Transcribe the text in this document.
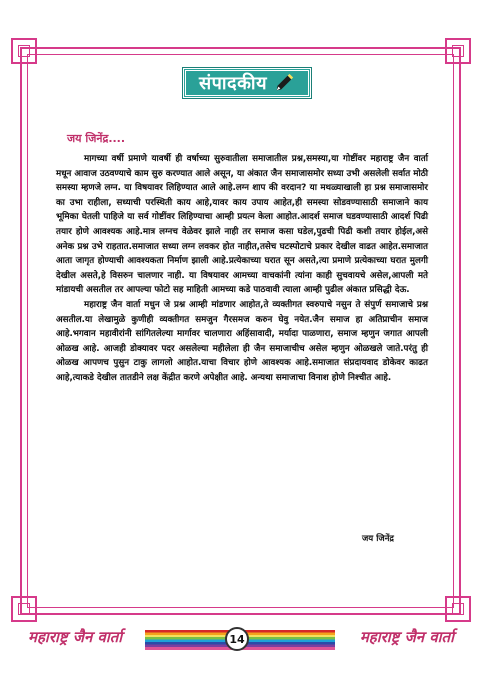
संपादकीय
जय जिनेंद्र....

मागच्या वर्षी प्रमाणे यावर्षी ही वर्षाच्या सुरुवातीला समाजातील प्रश्न,समस्या,या गोष्टींवर महाराष्ट्र जैन वार्ता मधून आवाज उठवण्याचे काम सुरु करण्यात आले असून, या अंकात जैन समाजासमोर सध्या उभी असलेली सर्वात मोठी समस्या म्हणजे लग्न. या विषयावर लिहिण्यात आले आहे.लग्न शाप की वरदान? या मथळ्याखाली हा प्रश्न समाजासमोर का उभा राहीला, सध्याची परस्थिती काय आहे,यावर काय उपाय आहेत,ही समस्या सोडवण्यासाठी समाजाने काय भूमिका घेतली पाहिजे या सर्व गोष्टींवर लिहिण्याचा आम्ही प्रयत्न केला आहोत.आदर्श समाज घडवण्यासाठी आदर्श पिढी तयार होणे आवश्यक आहे.मात्र लग्नच वेळेवर झाले नाही तर समाज कसा घडेल,पुढची पिढी कशी तयार होईल,असे अनेक प्रश्न उभे राहतात.समाजात सध्या लग्न लवकर होत नाहीत,तसेच घटस्पोटाचे प्रकार देखील वाढत आहेत.समाजात आता जागृत होण्याची आवश्यकता निर्माण झाली आहे.प्रत्येकाच्या घरात सून असते,त्या प्रमाणे प्रत्येकाच्या घरात मुलगी देखील असते,हे विसरुन चालणार नाही. या विषयावर आमच्या वाचकांनी त्यांना काही सुचवायचे असेल,आपली मते मांडायची असतील तर आपल्या फोटो सह माहिती आमच्या कडे पाठवावी त्याला आम्ही पुढील अंकात प्रसिद्धी देऊ.

महाराष्ट्र जैन वार्ता मधुन जे प्रश्न आम्ही मांडणार आहोत,ते व्यक्तीगत स्वरुपाचे नसुन ते संपुर्ण समाजाचे प्रश्न असतील.या लेखामुळे कुणीही व्यक्तीगत समजुन गैरसमज करुन घेवु नयेत.जैन समाज हा अतिप्राचीन समाज आहे.भगवान महावीरांनी सांगितलेल्या मार्गावर चालणारा अहिंसावादी, मर्यादा पाळणारा, समाज म्हणुन जगात आपली ओळख आहे. आजही डोक्यावर पदर असलेल्या महीलेला ही जैन समाजाचीच असेल म्हणुन ओळखले जाते.परंतु ही ओळख आपणच पुसुन टाकु लागलो आहोत.याचा विचार होणे आवश्यक आहे.समाजात संप्रदायवाद डोकेवर काढत आहे,त्याकडे देखील तातडीने लक्ष केंद्रीत करणे अपेक्षीत आहे. अन्यथा समाजाचा विनाश होणे निश्चीत आहे.

जय जिनेंद्र
महाराष्ट्र जैन वार्ता	14	महाराष्ट्र जैन वार्ता
